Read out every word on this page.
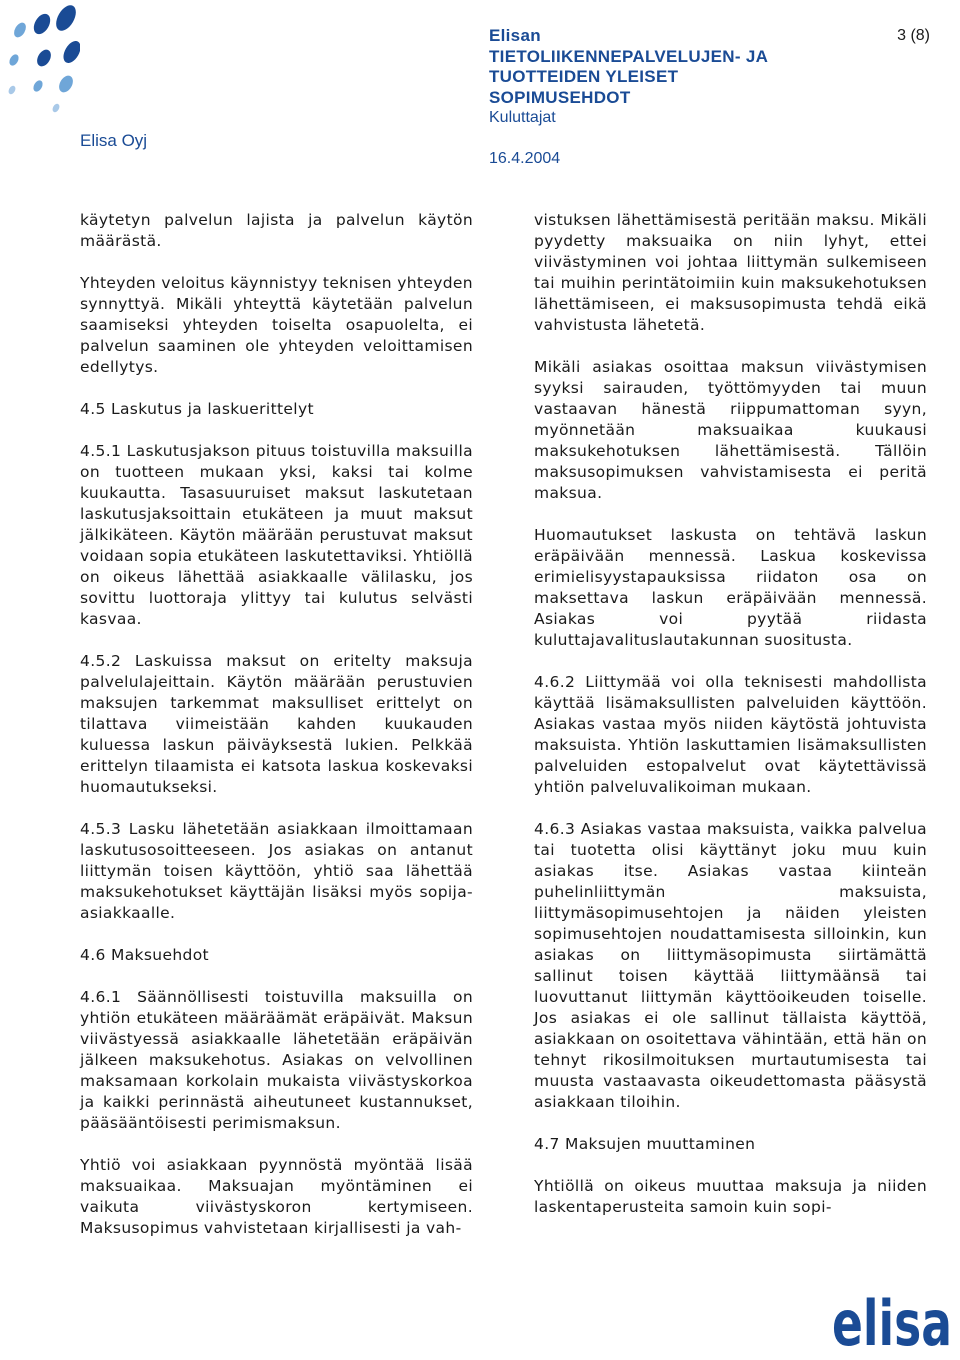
Elisa Oyj
Elisan
TIETOLIIKENNEPALVELUJEN- JA
TUOTTEIDEN YLEISET
SOPIMUSEHDOT
Kuluttajat
16.4.2004
3 (8)

käytetyn palvelun lajista ja palvelun käytön määrästä.

Yhteyden veloitus käynnistyy teknisen yhteyden synnyttyä. Mikäli yhteyttä käytetään palvelun saamiseksi yhteyden toiselta osapuolelta, ei palvelun saaminen ole yhteyden veloittamisen edellytys.

4.5 Laskutus ja laskuerittelyt

4.5.1 Laskutusjakson pituus toistuvilla maksuilla on tuotteen mukaan yksi, kaksi tai kolme kuukautta. Tasasuuruiset maksut laskutetaan laskutusjaksoittain etukäteen ja muut maksut jälkikäteen. Käytön määrään perustuvat maksut voidaan sopia etukäteen laskutettaviksi. Yhtiöllä on oikeus lähettää asiakkaalle välilasku, jos sovittu luottoraja ylittyy tai kulutus selvästi kasvaa.

4.5.2 Laskuissa maksut on eritelty maksuja palvelulajeittain. Käytön määrään perustuvien maksujen tarkemmat maksulliset erittelyt on tilattava viimeistään kahden kuukauden kuluessa laskun päiväyksestä lukien. Pelkkää erittelyn tilaamista ei katsota laskua koskevaksi huomautukseksi.

4.5.3 Lasku lähetetään asiakkaan ilmoittamaan laskutusosoitteeseen. Jos asiakas on antanut liittymän toisen käyttöön, yhtiö saa lähettää maksukehotukset käyttäjän lisäksi myös sopija-asiakkaalle.

4.6 Maksuehdot

4.6.1 Säännöllisesti toistuvilla maksuilla on yhtiön etukäteen määräämät eräpäivät. Maksun viivästyessä asiakkaalle lähetetään eräpäivän jälkeen maksukehotus. Asiakas on velvollinen maksamaan korkolain mukaista viivästyskorkoa ja kaikki perinnästä aiheutuneet kustannukset, pääsääntöisesti perimismaksun.

Yhtiö voi asiakkaan pyynnöstä myöntää lisää maksuaikaa. Maksuajan myöntäminen ei vaikuta viivästyskoron kertymiseen. Maksusopimus vahvistetaan kirjallisesti ja vah-

vistuksen lähettämisestä peritään maksu. Mikäli pyydetty maksuaika on niin lyhyt, ettei viivästyminen voi johtaa liittymän sulkemiseen tai muihin perintätoimiin kuin maksukehotuksen lähettämiseen, ei maksusopimusta tehdä eikä vahvistusta lähetetä.

Mikäli asiakas osoittaa maksun viivästymisen syyksi sairauden, työttömyyden tai muun vastaavan hänestä riippumattoman syyn, myönnetään maksuaikaa kuukausi maksukehotuksen lähettämisestä. Tällöin maksusopimuksen vahvistamisesta ei peritä maksua.

Huomautukset laskusta on tehtävä laskun eräpäivään mennessä. Laskua koskevissa erimielisyystapauksissa riidaton osa on maksettava laskun eräpäivään mennessä. Asiakas voi pyytää riidasta kuluttajavalituslautakunnan suositusta.

4.6.2 Liittymää voi olla teknisesti mahdollista käyttää lisämaksullisten palveluiden käyttöön. Asiakas vastaa myös niiden käytöstä johtuvista maksuista. Yhtiön laskuttamien lisämaksullisten palveluiden estopalvelut ovat käytettävissä yhtiön palveluvalikoiman mukaan.

4.6.3 Asiakas vastaa maksuista, vaikka palvelua tai tuotetta olisi käyttänyt joku muu kuin asiakas itse. Asiakas vastaa kiinteän puhelinliittymän maksuista, liittymäsopimusehtojen ja näiden yleisten sopimusehtojen noudattamisesta silloinkin, kun asiakas on liittymäsopimusta siirtämättä sallinut toisen käyttää liittymäänsä tai luovuttanut liittymän käyttöoikeuden toiselle. Jos asiakas ei ole sallinut tällaista käyttöä, asiakkaan on osoitettava vähintään, että hän on tehnyt rikosilmoituksen murtautumisesta tai muusta vastaavasta oikeudettomasta pääsystä asiakkaan tiloihin.

4.7 Maksujen muuttaminen

Yhtiöllä on oikeus muuttaa maksuja ja niiden laskentaperusteita samoin kuin sopi-

elisa
